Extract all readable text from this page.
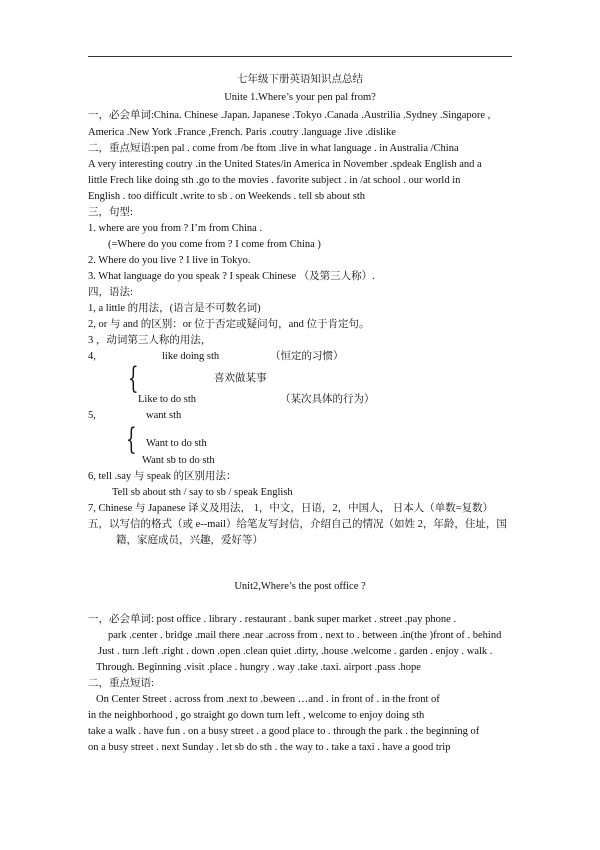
七年级下册英语知识点总结
Unite 1.Where’s your pen pal from?
一，必会单词:China. Chinese .Japan. Japanese .Tokyo .Canada .Austrilia .Sydney .Singapore ,
America .New York .France ,French. Paris .coutry .language .live .dislike
二，重点短语:pen pal . come from /be ftom .live in what language . in Australia /China
A very interesting coutry .in the United States/in America in November .spdeak English and a
little Frech like doing sth .go to the movies . favorite subject . in /at school . our world in
English . too difficult .write to sb . on Weekends . tell sb about sth
三，句型:
1. where are you from ? I’m from China .
(=Where do you come from ? I come from China )
2. Where do you live ? I live in Tokyo.
3. What language do you speak ? I speak Chinese （及第三人称）.
四，语法:
1, a little 的用法，(语言是不可数名词)
2, or 与 and 的区别：or 位于否定或疑问句，and 位于肯定句。
3 ，动词第三人称的用法，
4,	like doing sth	（恒定的习惯）
{	喜欢做某事
Like to do sth	（某次具体的行为）
5,	want sth
{ Want to do sth
Want sb to do sth
6, tell .say 与 speak 的区别用法：
Tell sb about sth / say to sb / speak English
7, Chinese 与 Japanese 译义及用法， 1，中文，日语，2，中国人， 日本人（单数=复数）
五，以写信的格式（或 e--mail）给笔友写封信，介绍自己的情况（如姓 2，年龄，住址，国
籍，家庭成员，兴趣，爱好等）
Unit2,Where’s the post office ?
一，必会单词: post office . library . restaurant . bank super market . street .pay phone .
park .center . bridge .mail there .near .across from . next to . between .in(the )front of . behind
Just . turn .left .right . down .open .clean quiet .dirty, .house .welcome . garden . enjoy . walk .
Through. Beginning .visit .place . hungry . way .take .taxi. airport .pass .hope
二，重点短语:
On Center Street . across from .next to .beween …and . in front of . in the front of
in the neighborhood , go straight go down turn left , welcome to enjoy doing sth
take a walk . have fun . on a busy street . a good place to . through the park . the beginning of
on a busy street . next Sunday . let sb do sth . the way to . take a taxi . have a good trip
